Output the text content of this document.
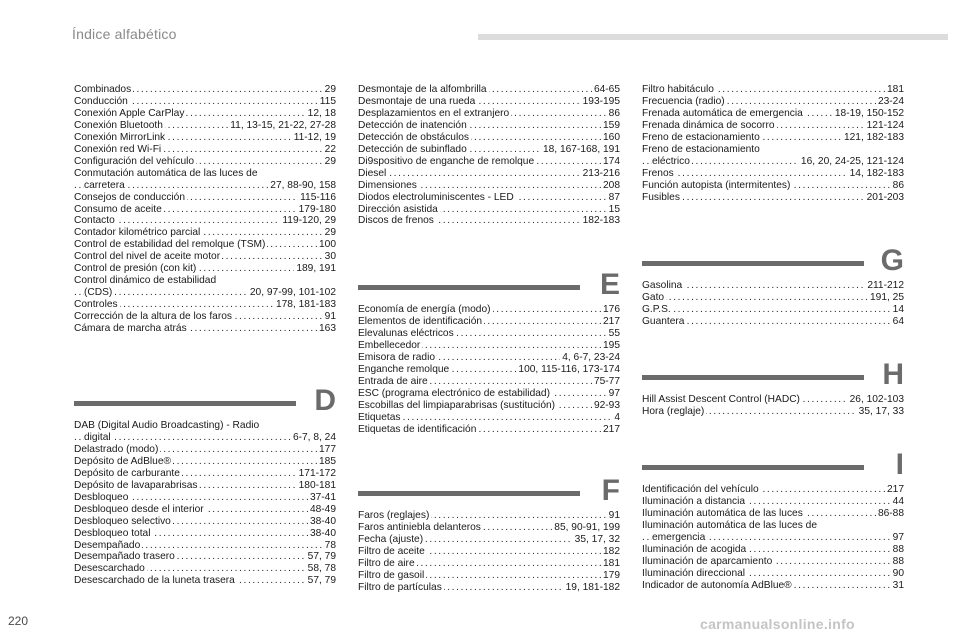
Índice alfabético
Combinados	29
. . .
Conducción	115
. . .
Conexión Apple CarPlay	12, 18
. . .
Conexión Bluetooth	11, 13-15, 21-22, 27-28
. . .
Conexión MirrorLink	11-12, 19
. . .
Conexión red Wi-Fi	22
. . .
Configuración del vehículo	29
. . .
Conmutación automática de las luces de
carretera	27, 88-90, 158
. . .
Consejos de conducción	115-116
. . .
Consumo de aceite	179-180
. . .
Contacto	119-120, 29
. . .
Contador kilométrico parcial	29
. . .
Control de estabilidad del remolque (TSM)	100
. . .
Control del nivel de aceite motor	30
. . .
Control de presión (con kit)	189, 191
. . .
Control dinámico de estabilidad
(CDS)	20, 97-99, 101-102
. . .
Controles	178, 181-183
. . .
Corrección de la altura de los faros	91
. . .
Cámara de marcha atrás	163
. . .
D
DAB (Digital Audio Broadcasting) - Radio
digital	6-7, 8, 24
. . .
Delastrado (modo)	177
. . .
Depósito de AdBlue®	185
. . .
Depósito de carburante	171-172
. . .
Depósito de lavaparabrisas	180-181
. . .
Desbloqueo	37-41
. . .
Desbloqueo desde el interior	48-49
. . .
Desbloqueo selectivo	38-40
. . .
Desbloqueo total	38-40
. . .
Desempañado	78
. . .
Desempañado trasero	57, 79
. . .
Desescarchado	58, 78
. . .
Desescarchado de la luneta trasera	57, 79
. . .
Desmontaje de la alfombrilla	64-65
. . .
Desmontaje de una rueda	193-195
. . .
Desplazamientos en el extranjero	86
. . .
Detección de inatención	159
. . .
Detección de obstáculos	160
. . .
Detección de subinflado	18, 167-168, 191
. . .
Di9spositivo de enganche de remolque	174
. . .
Diesel	213-216
. . .
Dimensiones	208
. . .
Diodos electroluminiscentes - LED	87
. . .
Dirección asistida	15
. . .
Discos de frenos	182-183
. . .
E
Economía de energía (modo)	176
. . .
Elementos de identificación	217
. . .
Elevalunas eléctricos	55
. . .
Embellecedor	195
. . .
Emisora de radio	4, 6-7, 23-24
. . .
Enganche remolque	100, 115-116, 173-174
. . .
Entrada de aire	75-77
. . .
ESC (programa electrónico de estabilidad)	97
. . .
Escobillas del limpiaparabrisas (sustitución)	92-93
. . .
Etiquetas	4
. . .
Etiquetas de identificación	217
. . .
F
Faros (reglajes)	91
. . .
Faros antiniebla delanteros	85, 90-91, 199
. . .
Fecha (ajuste)	35, 17, 32
. . .
Filtro de aceite	182
. . .
Filtro de aire	181
. . .
Filtro de gasoil	179
. . .
Filtro de partículas	19, 181-182
. . .
Filtro habitáculo	181
. . .
Frecuencia (radio)	23-24
. . .
Frenada automática de emergencia	18-19, 150-152
. . .
Frenada dinámica de socorro	121-124
. . .
Freno de estacionamiento	121, 182-183
. . .
Freno de estacionamiento
eléctrico	16, 20, 24-25, 121-124
. . .
Frenos	14, 182-183
. . .
Función autopista (intermitentes)	86
. . .
Fusibles	201-203
. . .
G
Gasolina	211-212
. . .
Gato	191, 25
. . .
G.P.S.	14
. . .
Guantera	64
. . .
H
Hill Assist Descent Control (HADC)	26, 102-103
. . .
Hora (reglaje)	35, 17, 33
. . .
I
Identificación del vehículo	217
. . .
Iluminación a distancia	44
. . .
Iluminación automática de las luces	86-88
. . .
Iluminación automática de las luces de
emergencia	97
. . .
Iluminación de acogida	88
. . .
Iluminación de aparcamiento	88
. . .
Iluminación direccional	90
. . .
Indicador de autonomía AdBlue®	31
. . .
220	carmanualsonline.info
